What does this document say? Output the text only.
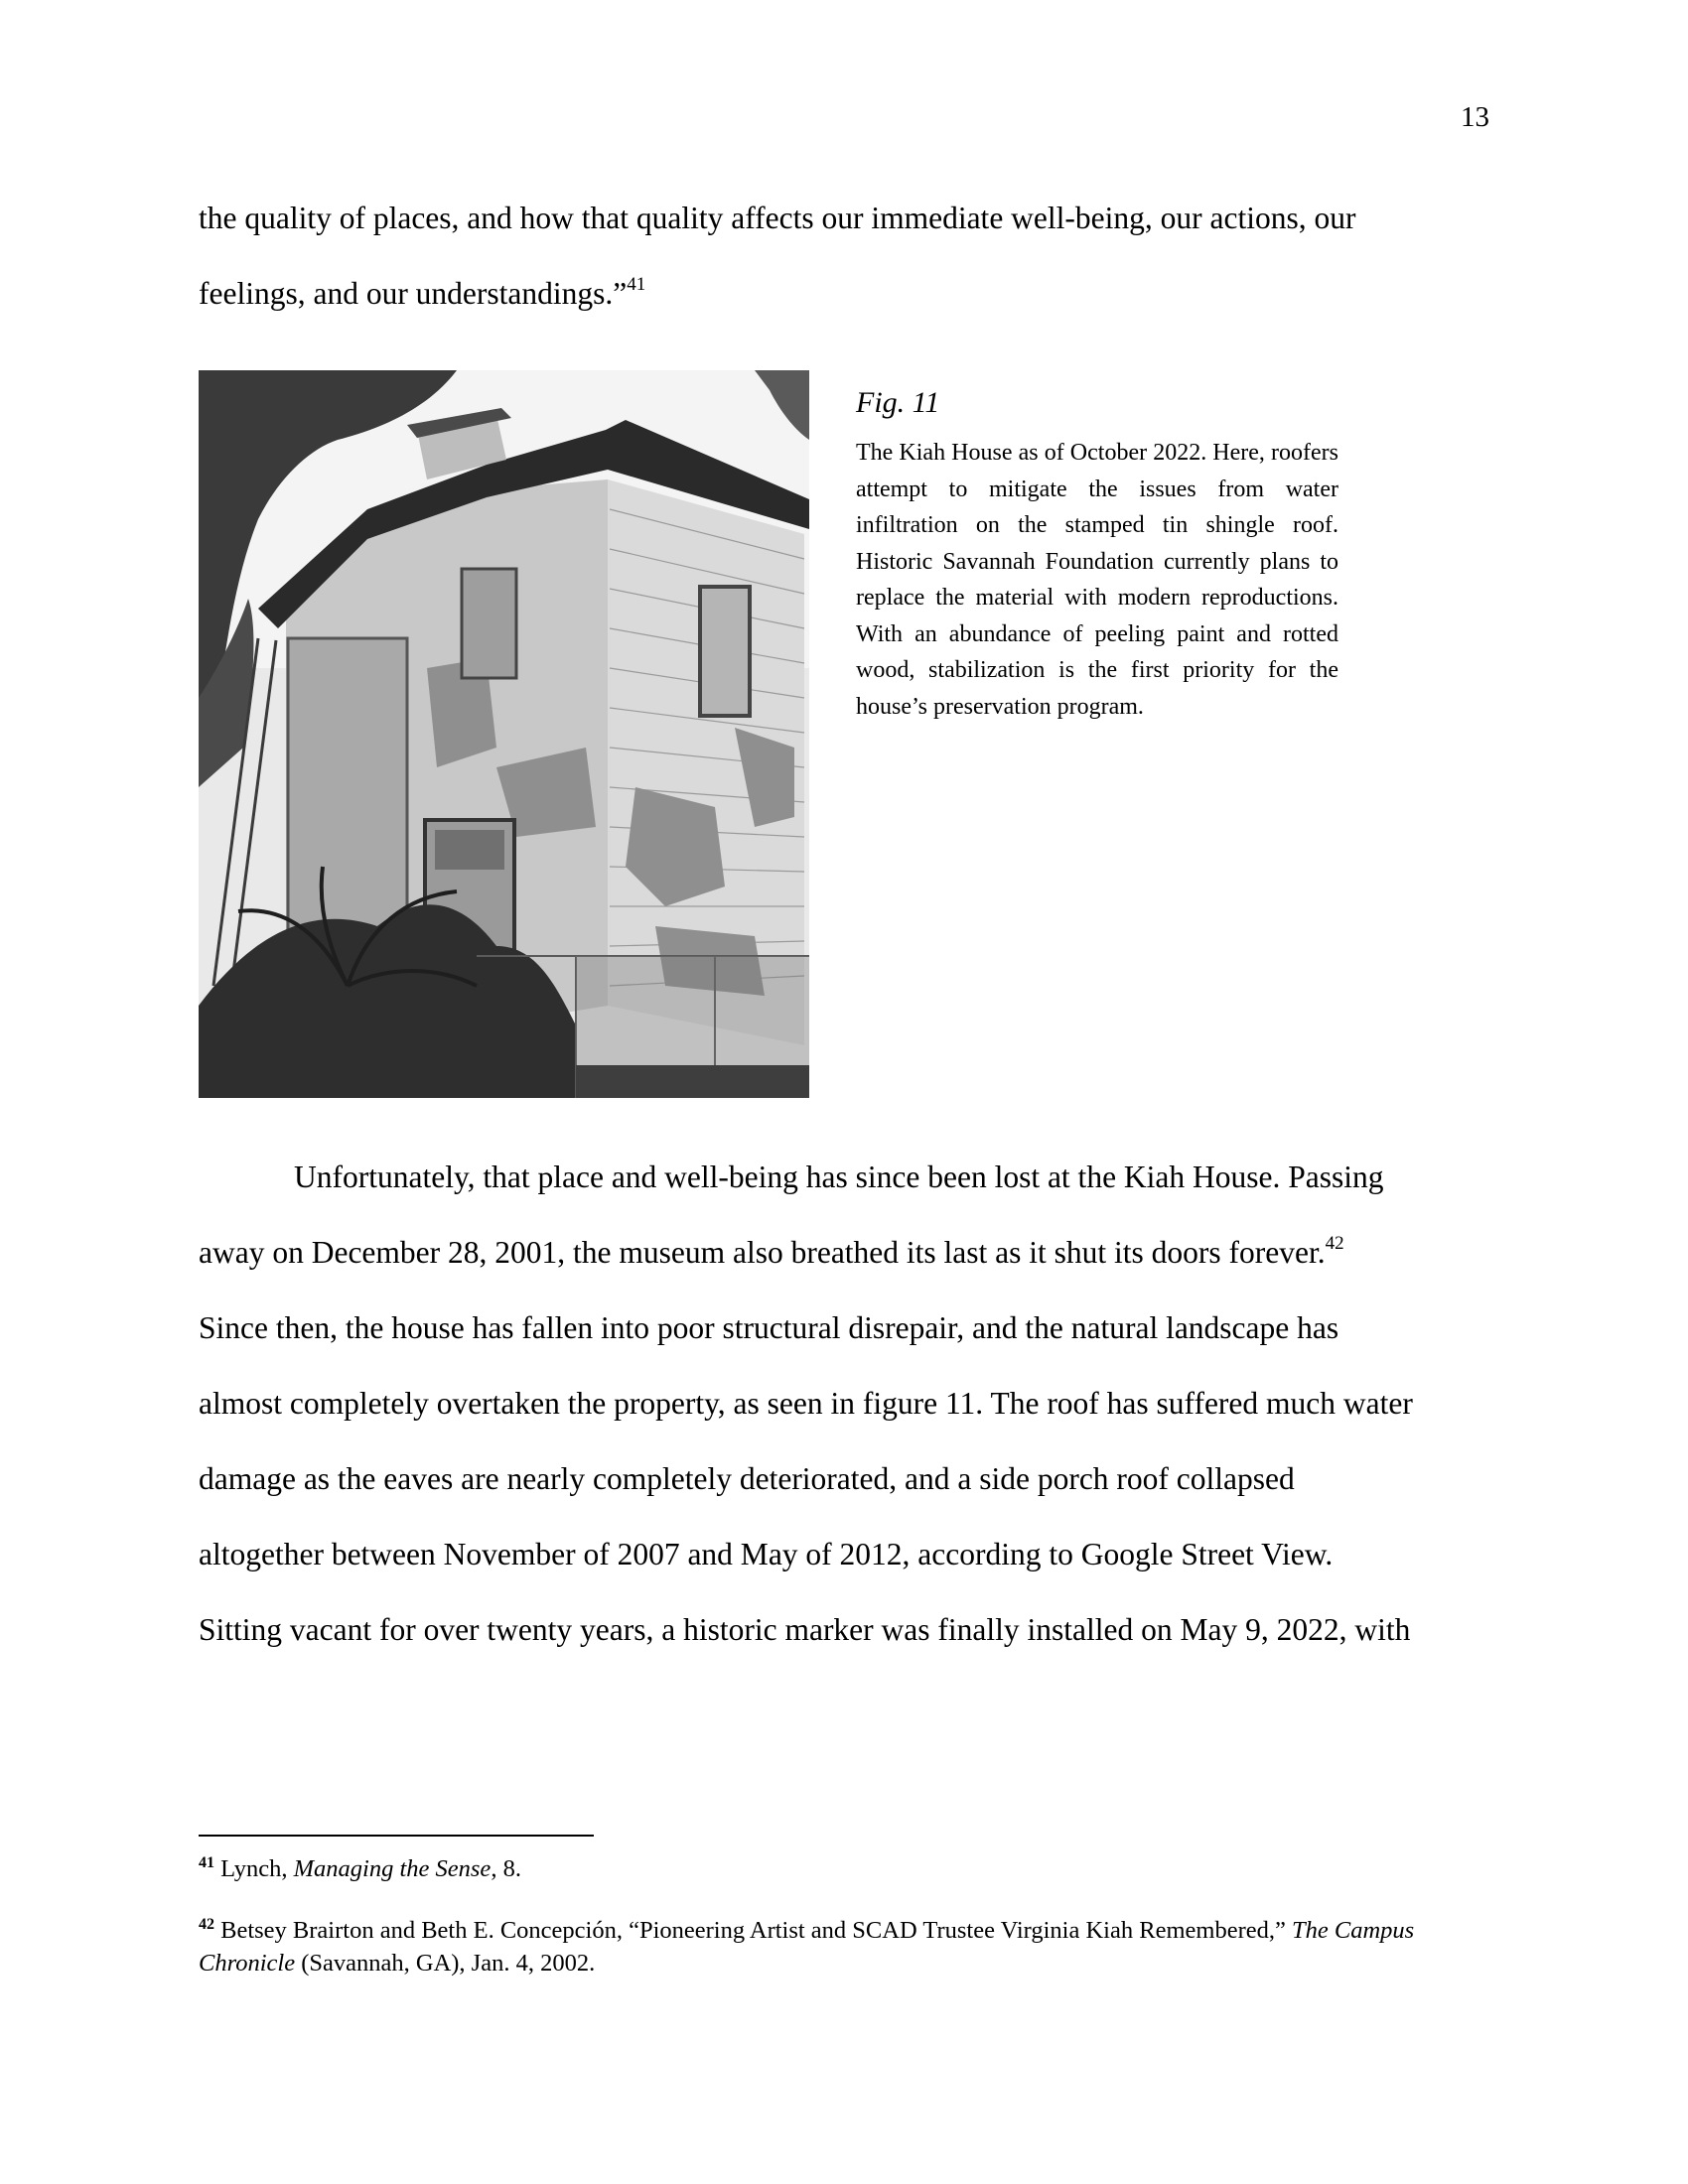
13
the quality of places, and how that quality affects our immediate well-being, our actions, our
feelings, and our understandings.”$^{41}$
Fig. 11
The Kiah House as of October 2022. Here, roofers attempt to mitigate the issues from water infiltration on the stamped tin shingle roof. Historic Savannah Foundation currently plans to replace the material with modern reproductions. With an abundance of peeling paint and rotted wood, stabilization is the first priority for the house’s preservation program.
Unfortunately, that place and well-being has since been lost at the Kiah House. Passing
away on December 28, 2001, the museum also breathed its last as it shut its doors forever.$^{42}$
Since then, the house has fallen into poor structural disrepair, and the natural landscape has
almost completely overtaken the property, as seen in figure 11. The roof has suffered much water
damage as the eaves are nearly completely deteriorated, and a side porch roof collapsed
altogether between November of 2007 and May of 2012, according to Google Street View.
Sitting vacant for over twenty years, a historic marker was finally installed on May 9, 2022, with
$^{41}$ Lynch, Managing the Sense, 8.
$^{42}$ Betsey Brairton and Beth E. Concepción, “Pioneering Artist and SCAD Trustee Virginia Kiah Remembered,” The Campus Chronicle (Savannah, GA), Jan. 4, 2002.
